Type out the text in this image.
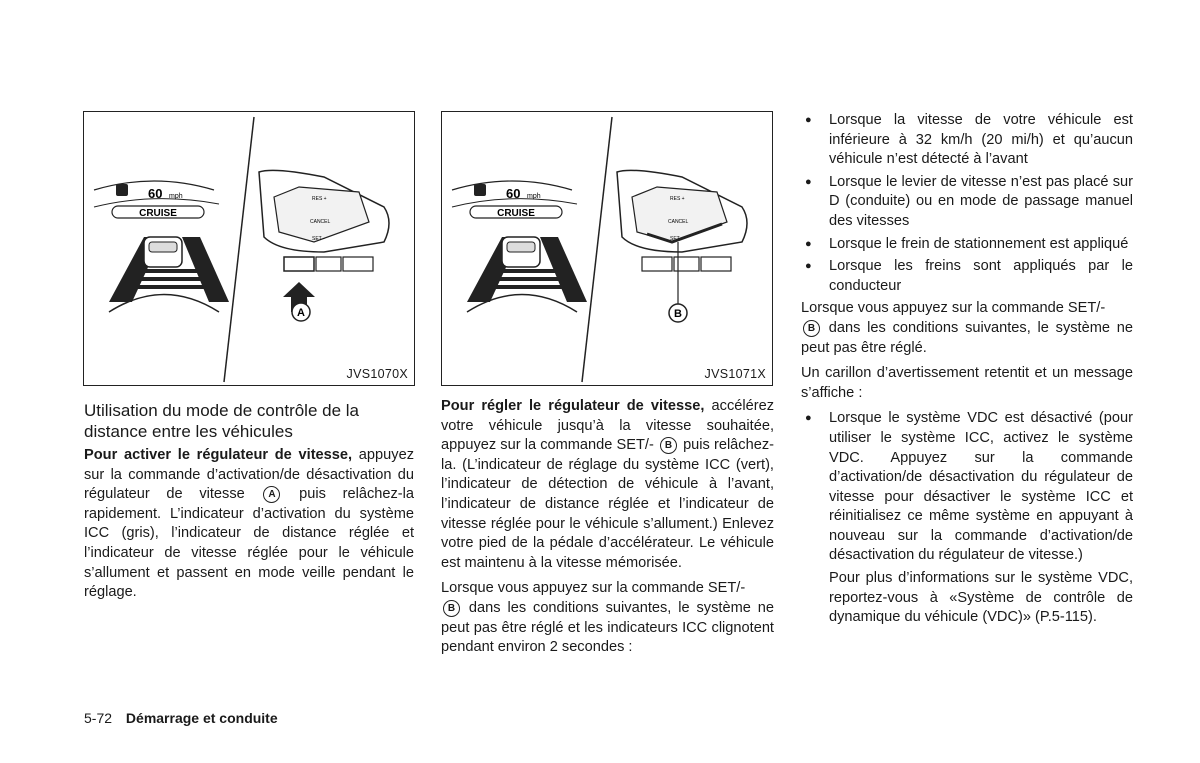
60 mph
CRUISE
RES +
CANCEL
SET -
A
JVS1070X
60 mph
CRUISE
RES +
CANCEL
SET -
B
JVS1071X
Utilisation du mode de contrôle de la distance entre les véhicules

Pour activer le régulateur de vitesse, appuyez sur la commande d’activation/de désactivation du régulateur de vitesse A puis relâchez-la rapidement. L’indicateur d’activation du système ICC (gris), l’indicateur de distance réglée et l’indicateur de vitesse réglée pour le véhicule s’allument et passent en mode veille pendant le réglage.

Pour régler le régulateur de vitesse, accélérez votre véhicule jusqu’à la vitesse souhaitée, appuyez sur la commande SET/- B puis relâchez-la. (L’indicateur de réglage du système ICC (vert), l’indicateur de détection de véhicule à l’avant, l’indicateur de distance réglée et l’indicateur de vitesse réglée pour le véhicule s’allument.) Enlevez votre pied de la pédale d’accélérateur. Le véhicule est maintenu à la vitesse mémorisée.

Lorsque vous appuyez sur la commande SET/-
B dans les conditions suivantes, le système ne peut pas être réglé et les indicateurs ICC clignotent pendant environ 2 secondes :

● Lorsque la vitesse de votre véhicule est inférieure à 32 km/h (20 mi/h) et qu’aucun véhicule n’est détecté à l’avant
● Lorsque le levier de vitesse n’est pas placé sur D (conduite) ou en mode de passage manuel des vitesses
● Lorsque le frein de stationnement est appliqué
● Lorsque les freins sont appliqués par le conducteur

Lorsque vous appuyez sur la commande SET/-
B dans les conditions suivantes, le système ne peut pas être réglé.

Un carillon d’avertissement retentit et un message s’affiche :

● Lorsque le système VDC est désactivé (pour utiliser le système ICC, activez le système VDC. Appuyez sur la commande d’activation/de désactivation du régulateur de vitesse pour désactiver le système ICC et réinitialisez ce même système en appuyant à nouveau sur la commande d’activation/de désactivation du régulateur de vitesse.)

Pour plus d’informations sur le système VDC, reportez-vous à «Système de contrôle de dynamique du véhicule (VDC)» (P.5-115).

5-72 Démarrage et conduite
